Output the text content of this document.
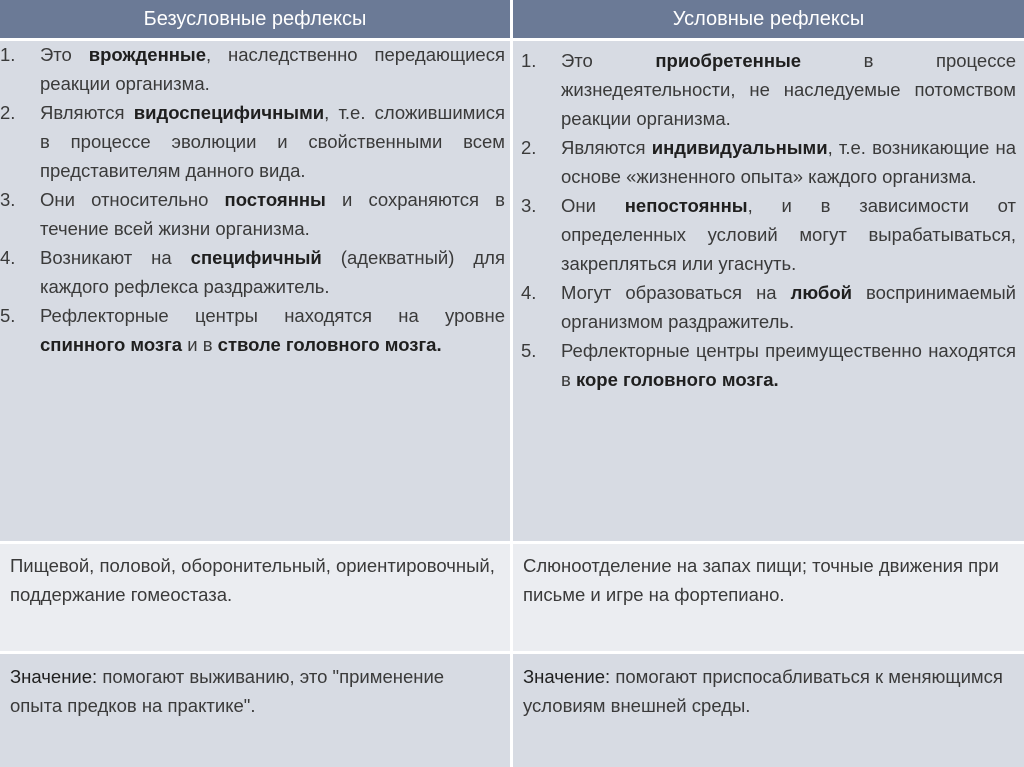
Безусловные рефлексы	Условные рефлексы
1. Это врожденные, наследственно передающиеся реакции организма.
2. Являются видоспецифичными, т.е. сложившимися в процессе эволюции и свойственными всем представителям данного вида.
3. Они относительно постоянны и сохраняются в течение всей жизни организма.
4. Возникают на специфичный (адекватный) для каждого рефлекса раздражитель.
5. Рефлекторные центры находятся на уровне спинного мозга и в стволе головного мозга.
1. Это приобретенные в процессе жизнедеятельности, не наследуемые потомством реакции организма.
2. Являются индивидуальными, т.е. возникающие на основе «жизненного опыта» каждого организма.
3. Они непостоянны, и в зависимости от определенных условий могут вырабатываться, закрепляться или угаснуть.
4. Могут образоваться на любой воспринимаемый организмом раздражитель.
5. Рефлекторные центры преимущественно находятся в коре головного мозга.
Пищевой, половой, оборонительный, ориентировочный, поддержание гомеостаза.
Слюноотделение на запах пищи; точные движения при письме и игре на фортепиано.
Значение: помогают выживанию, это "применение опыта предков на практике".
Значение: помогают приспосабливаться к меняющимся условиям внешней среды.
